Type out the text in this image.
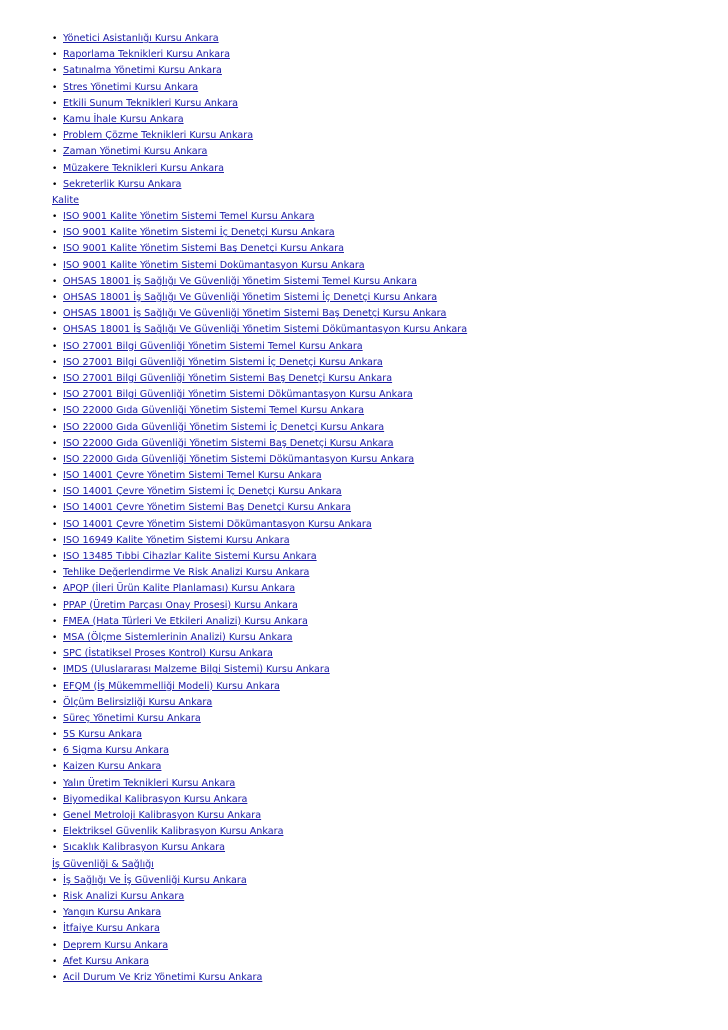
• Yönetici Asistanlığı Kursu Ankara
• Raporlama Teknikleri Kursu Ankara
• Satınalma Yönetimi Kursu Ankara
• Stres Yönetimi Kursu Ankara
• Etkili Sunum Teknikleri Kursu Ankara
• Kamu İhale Kursu Ankara
• Problem Çözme Teknikleri Kursu Ankara
• Zaman Yönetimi Kursu Ankara
• Müzakere Teknikleri Kursu Ankara
• Sekreterlik Kursu Ankara
Kalite
• ISO 9001 Kalite Yönetim Sistemi Temel Kursu Ankara
• ISO 9001 Kalite Yönetim Sistemi İç Denetçi Kursu Ankara
• ISO 9001 Kalite Yönetim Sistemi Baş Denetçi Kursu Ankara
• ISO 9001 Kalite Yönetim Sistemi Dokümantasyon Kursu Ankara
• OHSAS 18001 İş Sağlığı Ve Güvenliği Yönetim Sistemi Temel Kursu Ankara
• OHSAS 18001 İş Sağlığı Ve Güvenliği Yönetim Sistemi İç Denetçi Kursu Ankara
• OHSAS 18001 İş Sağlığı Ve Güvenliği Yönetim Sistemi Baş Denetçi Kursu Ankara
• OHSAS 18001 İş Sağlığı Ve Güvenliği Yönetim Sistemi Dökümantasyon Kursu Ankara
• ISO 27001 Bilgi Güvenliği Yönetim Sistemi Temel Kursu Ankara
• ISO 27001 Bilgi Güvenliği Yönetim Sistemi İç Denetçi Kursu Ankara
• ISO 27001 Bilgi Güvenliği Yönetim Sistemi Baş Denetçi Kursu Ankara
• ISO 27001 Bilgi Güvenliği Yönetim Sistemi Dökümantasyon Kursu Ankara
• ISO 22000 Gıda Güvenliği Yönetim Sistemi Temel Kursu Ankara
• ISO 22000 Gıda Güvenliği Yönetim Sistemi İç Denetçi Kursu Ankara
• ISO 22000 Gıda Güvenliği Yönetim Sistemi Baş Denetçi Kursu Ankara
• ISO 22000 Gıda Güvenliği Yönetim Sistemi Dökümantasyon Kursu Ankara
• ISO 14001 Çevre Yönetim Sistemi Temel Kursu Ankara
• ISO 14001 Çevre Yönetim Sistemi İç Denetçi Kursu Ankara
• ISO 14001 Çevre Yönetim Sistemi Baş Denetçi Kursu Ankara
• ISO 14001 Çevre Yönetim Sistemi Dökümantasyon Kursu Ankara
• ISO 16949 Kalite Yönetim Sistemi Kursu Ankara
• ISO 13485 Tıbbi Cihazlar Kalite Sistemi Kursu Ankara
• Tehlike Değerlendirme Ve Risk Analizi Kursu Ankara
• APQP (İleri Ürün Kalite Planlaması) Kursu Ankara
• PPAP (Üretim Parçası Onay Prosesi) Kursu Ankara
• FMEA (Hata Türleri Ve Etkileri Analizi) Kursu Ankara
• MSA (Ölçme Sistemlerinin Analizi) Kursu Ankara
• SPC (İstatiksel Proses Kontrol) Kursu Ankara
• IMDS (Uluslararası Malzeme Bilgi Sistemi) Kursu Ankara
• EFQM (İş Mükemmelliği Modeli) Kursu Ankara
• Ölçüm Belirsizliği Kursu Ankara
• Süreç Yönetimi Kursu Ankara
• 5S Kursu Ankara
• 6 Sigma Kursu Ankara
• Kaizen Kursu Ankara
• Yalın Üretim Teknikleri Kursu Ankara
• Biyomedikal Kalibrasyon Kursu Ankara
• Genel Metroloji Kalibrasyon Kursu Ankara
• Elektriksel Güvenlik Kalibrasyon Kursu Ankara
• Sıcaklık Kalibrasyon Kursu Ankara
İş Güvenliği & Sağlığı
• İş Sağlığı Ve İş Güvenliği Kursu Ankara
• Risk Analizi Kursu Ankara
• Yangın Kursu Ankara
• İtfaiye Kursu Ankara
• Deprem Kursu Ankara
• Afet Kursu Ankara
• Acil Durum Ve Kriz Yönetimi Kursu Ankara
